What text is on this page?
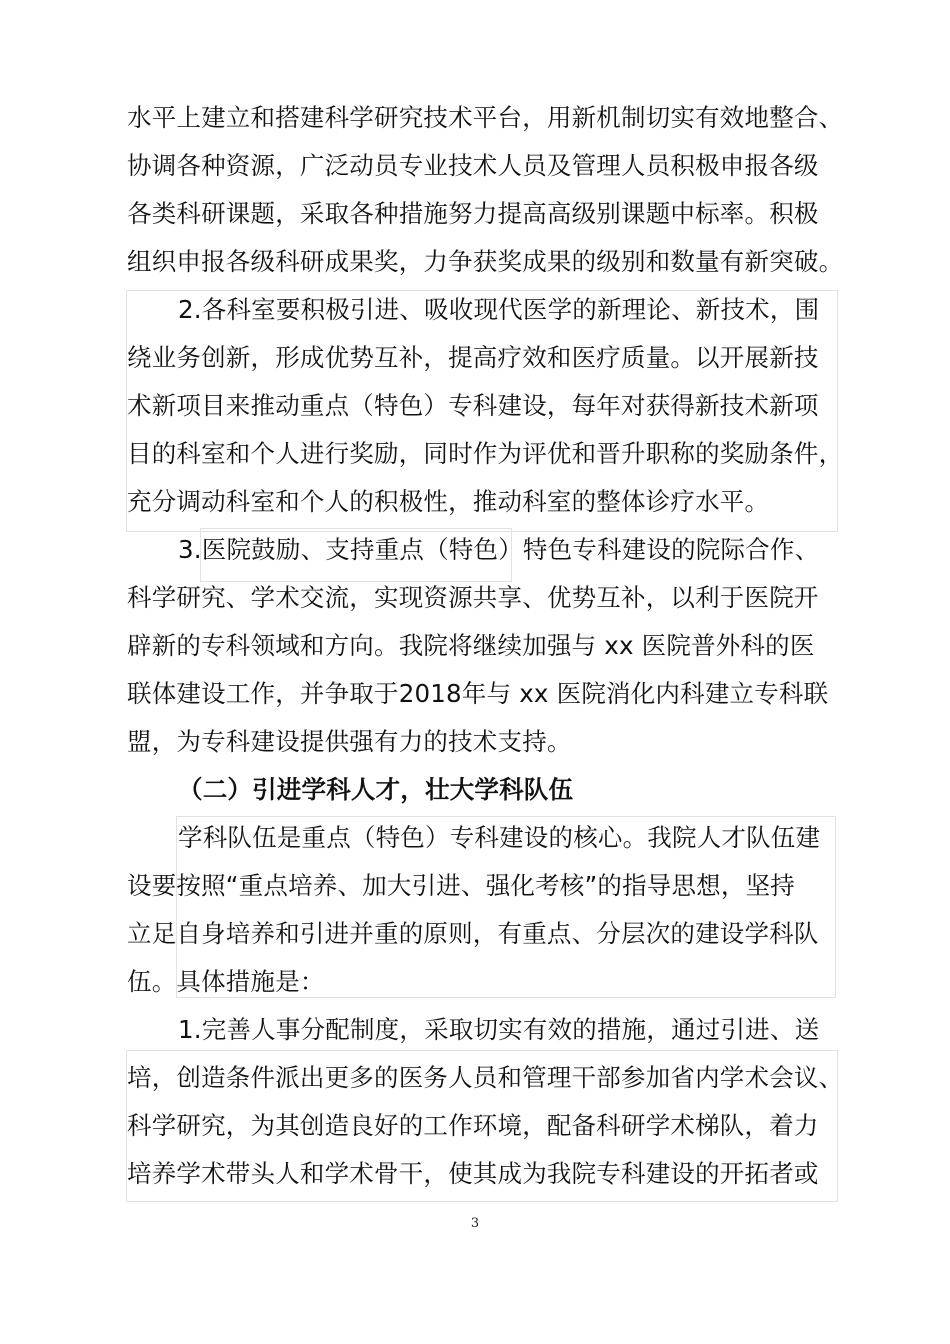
水平上建立和搭建科学研究技术平台，用新机制切实有效地整合、
协调各种资源，广泛动员专业技术人员及管理人员积极申报各级
各类科研课题，采取各种措施努力提高高级别课题中标率。积极
组织申报各级科研成果奖，力争获奖成果的级别和数量有新突破。
2.各科室要积极引进、吸收现代医学的新理论、新技术，围
绕业务创新，形成优势互补，提高疗效和医疗质量。以开展新技
术新项目来推动重点（特色）专科建设，每年对获得新技术新项
目的科室和个人进行奖励，同时作为评优和晋升职称的奖励条件，
充分调动科室和个人的积极性，推动科室的整体诊疗水平。
3.医院鼓励、支持重点（特色）特色专科建设的院际合作、
科学研究、学术交流，实现资源共享、优势互补，以利于医院开
辟新的专科领域和方向。我院将继续加强与 xx 医院普外科的医
联体建设工作，并争取于2018年与 xx 医院消化内科建立专科联
盟，为专科建设提供强有力的技术支持。
（二）引进学科人才，壮大学科队伍
学科队伍是重点（特色）专科建设的核心。我院人才队伍建
设要按照“重点培养、加大引进、强化考核”的指导思想，坚持
立足自身培养和引进并重的原则，有重点、分层次的建设学科队
伍。具体措施是：
1.完善人事分配制度，采取切实有效的措施，通过引进、送
培，创造条件派出更多的医务人员和管理干部参加省内学术会议、
科学研究，为其创造良好的工作环境，配备科研学术梯队，着力
培养学术带头人和学术骨干，使其成为我院专科建设的开拓者或
3
